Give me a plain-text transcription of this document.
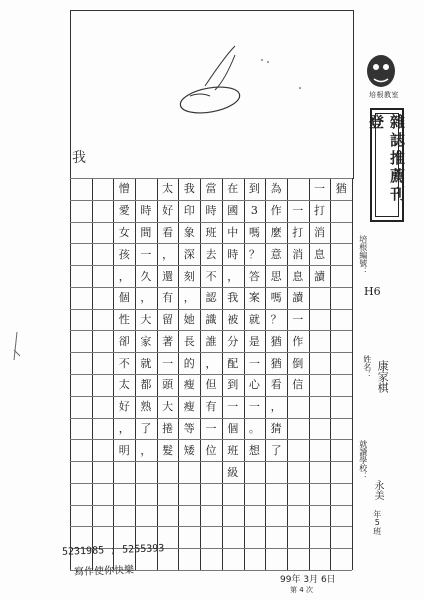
我
培根教室
雜誌推薦刊登
培根編號：
H6
姓名： 康家棋
就讀學校：
永美
年5班
猶
一
打
消
息
讀
一
打
消
息
讀
一
作
倒
信
為
作
麼
意
思
嗎
？
猶
猶
看
，
猜
了
到
3
嗎
？
答
案
就
是
一
心
一
。
想
當
時
班
去
不
認
識
誰
，
但
有
一
位
我
印
象
深
刻
，
她
長
的
瘦
瘦
等
矮
太
好
看
，
還
有
留
著
一
頭
大
捲
髮
時
間
一
久
，
大
家
就
都
熟
了
，
憎
愛
女
孩
，
個
性
卻
不
太
好
，
明
在
國
中
時
，
我
被
分
配
到
一
個
班
級
5231985 ; 5255393
寫作使你快樂
99年 3月 6日
第 4 次
